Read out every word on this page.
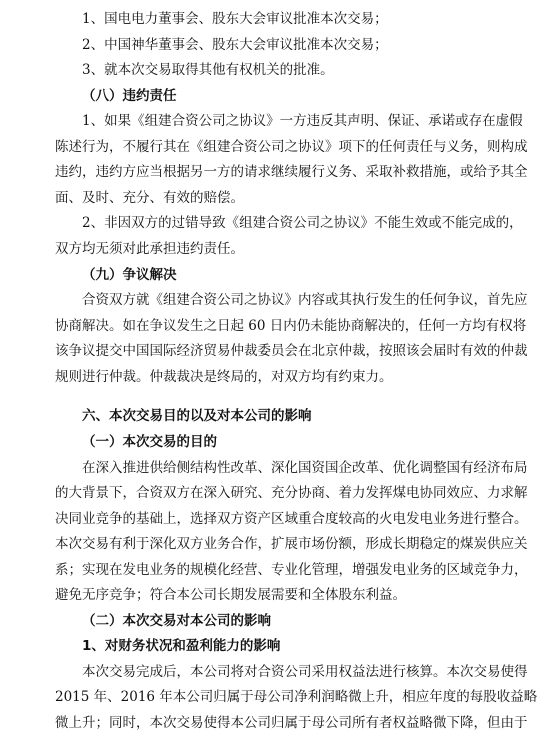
1、国电电力董事会、股东大会审议批准本次交易；
2、中国神华董事会、股东大会审议批准本次交易；
3、就本次交易取得其他有权机关的批准。
（八）违约责任
1、如果《组建合资公司之协议》一方违反其声明、保证、承诺或存在虚假
陈述行为，不履行其在《组建合资公司之协议》项下的任何责任与义务，则构成
违约，违约方应当根据另一方的请求继续履行义务、采取补救措施，或给予其全
面、及时、充分、有效的赔偿。
2、非因双方的过错导致《组建合资公司之协议》不能生效或不能完成的，
双方均无须对此承担违约责任。
（九）争议解决
合资双方就《组建合资公司之协议》内容或其执行发生的任何争议，首先应
协商解决。如在争议发生之日起 60 日内仍未能协商解决的，任何一方均有权将
该争议提交中国国际经济贸易仲裁委员会在北京仲裁，按照该会届时有效的仲裁
规则进行仲裁。仲裁裁决是终局的，对双方均有约束力。
六、本次交易目的以及对本公司的影响
（一）本次交易的目的
在深入推进供给侧结构性改革、深化国资国企改革、优化调整国有经济布局
的大背景下，合资双方在深入研究、充分协商、着力发挥煤电协同效应、力求解
决同业竞争的基础上，选择双方资产区域重合度较高的火电发电业务进行整合。
本次交易有利于深化双方业务合作，扩展市场份额，形成长期稳定的煤炭供应关
系；实现在发电业务的规模化经营、专业化管理，增强发电业务的区域竞争力，
避免无序竞争；符合本公司长期发展需要和全体股东利益。
（二）本次交易对本公司的影响
1、对财务状况和盈利能力的影响
本次交易完成后，本公司将对合资公司采用权益法进行核算。本次交易使得
2015 年、2016 年本公司归属于母公司净利润略微上升，相应年度的每股收益略
微上升；同时，本次交易使得本公司归属于母公司所有者权益略微下降，但由于
